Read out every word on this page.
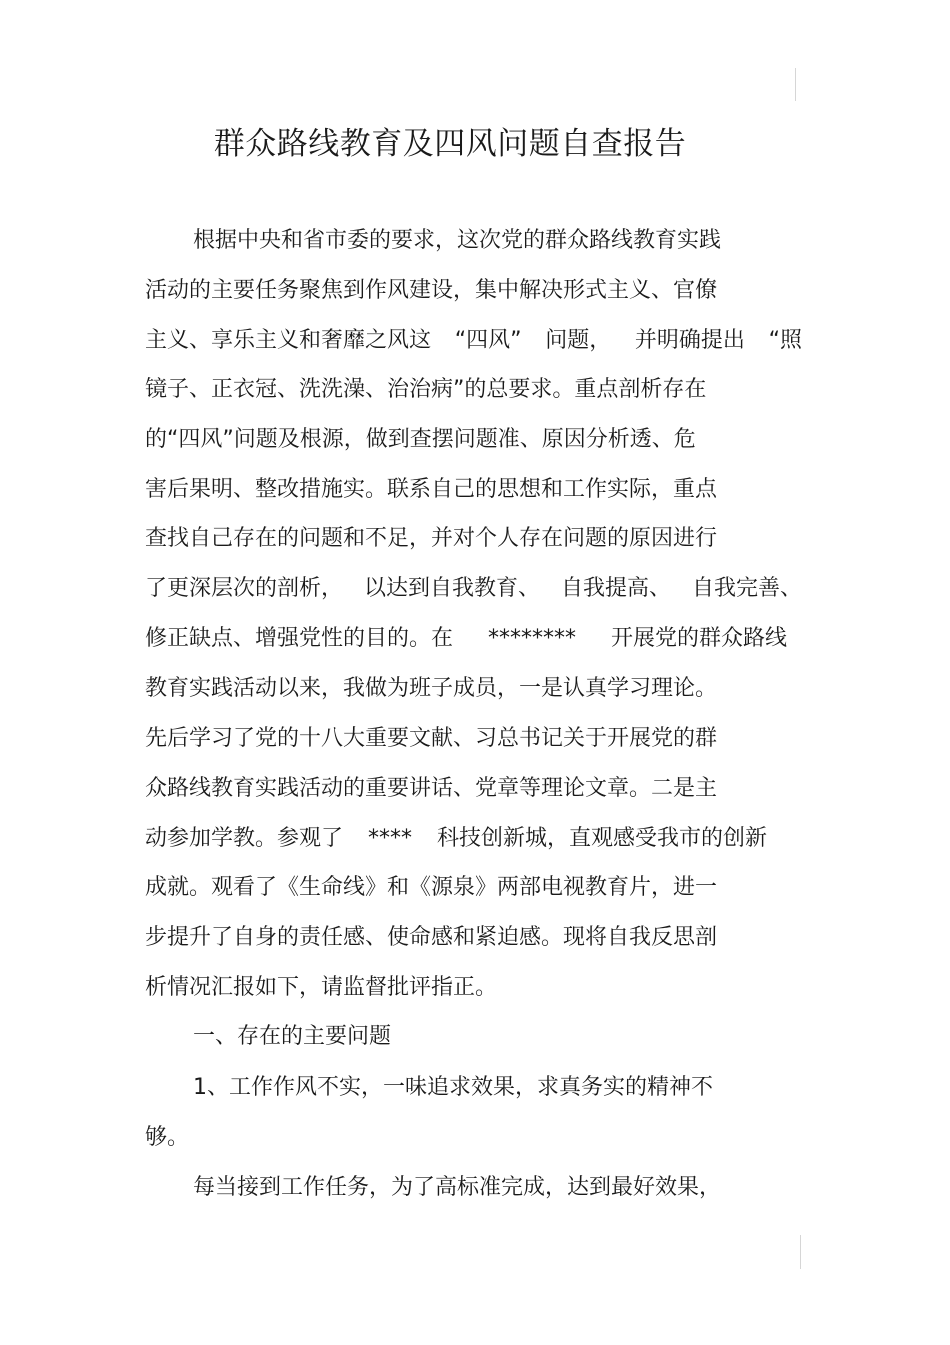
群众路线教育及四风问题自查报告
根据中央和省市委的要求，这次党的群众路线教育实践
活动的主要任务聚焦到作风建设，集中解决形式主义、官僚
主义、享乐主义和奢靡之风这 “四风” 问题， 并明确提出 “照
镜子、正衣冠、洗洗澡、治治病”的总要求。重点剖析存在
的“四风”问题及根源，做到查摆问题准、原因分析透、危
害后果明、整改措施实。联系自己的思想和工作实际，重点
查找自己存在的问题和不足，并对个人存在问题的原因进行
了更深层次的剖析， 以达到自我教育、 自我提高、 自我完善、
修正缺点、增强党性的目的。在 ******** 开展党的群众路线
教育实践活动以来，我做为班子成员，一是认真学习理论。
先后学习了党的十八大重要文献、习总书记关于开展党的群
众路线教育实践活动的重要讲话、党章等理论文章。二是主
动参加学教。参观了 **** 科技创新城，直观感受我市的创新
成就。观看了《生命线》和《源泉》两部电视教育片，进一
步提升了自身的责任感、使命感和紧迫感。现将自我反思剖
析情况汇报如下，请监督批评指正。
一、存在的主要问题
1、工作作风不实，一味追求效果，求真务实的精神不
够。
每当接到工作任务，为了高标准完成，达到最好效果，
